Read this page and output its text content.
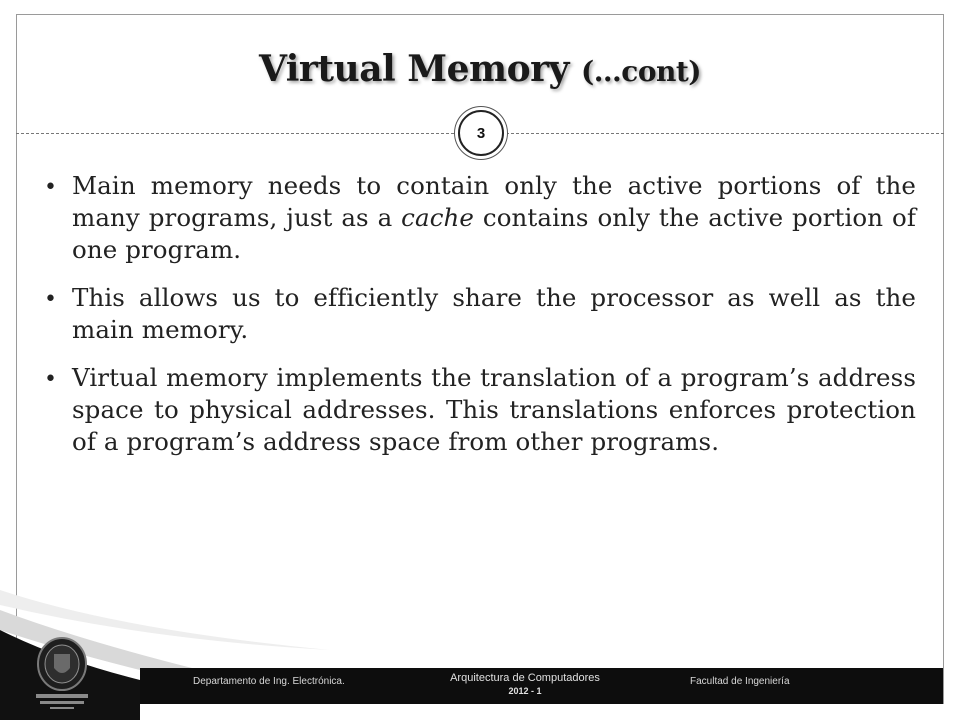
Virtual Memory (…cont)
3
• Main memory needs to contain only the active portions of the many programs, just as a cache contains only the active portion of one program.
• This allows us to efficiently share the processor as well as the main memory.
• Virtual memory implements the translation of a program’s address space to physical addresses. This translations enforces protection of a program’s address space from other programs.
Departamento de Ing. Electrónica.	Arquitectura de Computadores
2012 - 1
Facultad de Ingeniería
